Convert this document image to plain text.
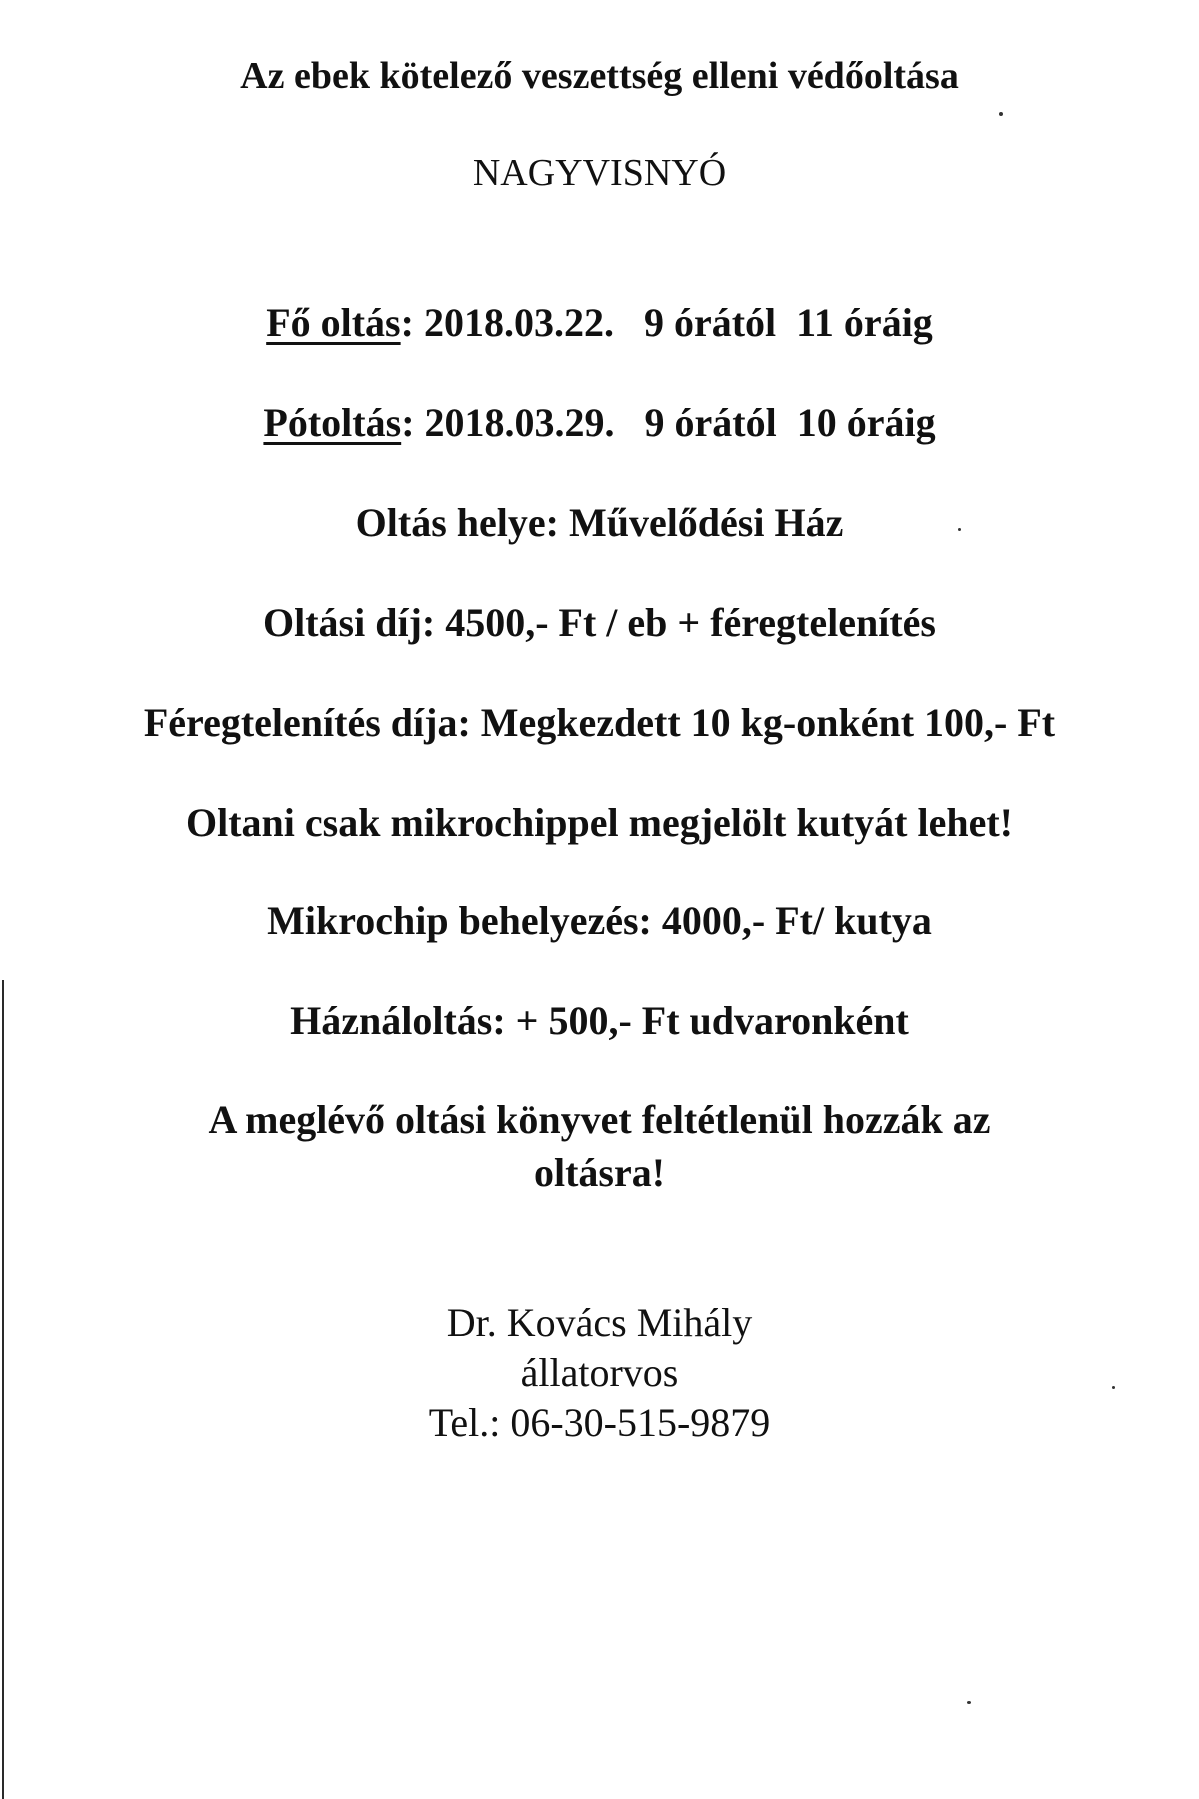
Az ebek kötelező veszettség elleni védőoltása
NAGYVISNYÓ
Fő oltás: 2018.03.22.   9 órától  11 óráig
Pótoltás: 2018.03.29.   9 órától  10 óráig
Oltás helye: Művelődési Ház
Oltási díj: 4500,- Ft / eb + féregtelenítés
Féregtelenítés díja: Megkezdett 10 kg-onként 100,- Ft
Oltani csak mikrochippel megjelölt kutyát lehet!
Mikrochip behelyezés: 4000,- Ft/ kutya
Háználoltás: + 500,- Ft udvaronként
A meglévő oltási könyvet feltétlenül hozzák az
oltásra!
Dr. Kovács Mihály
állatorvos
Tel.: 06-30-515-9879
